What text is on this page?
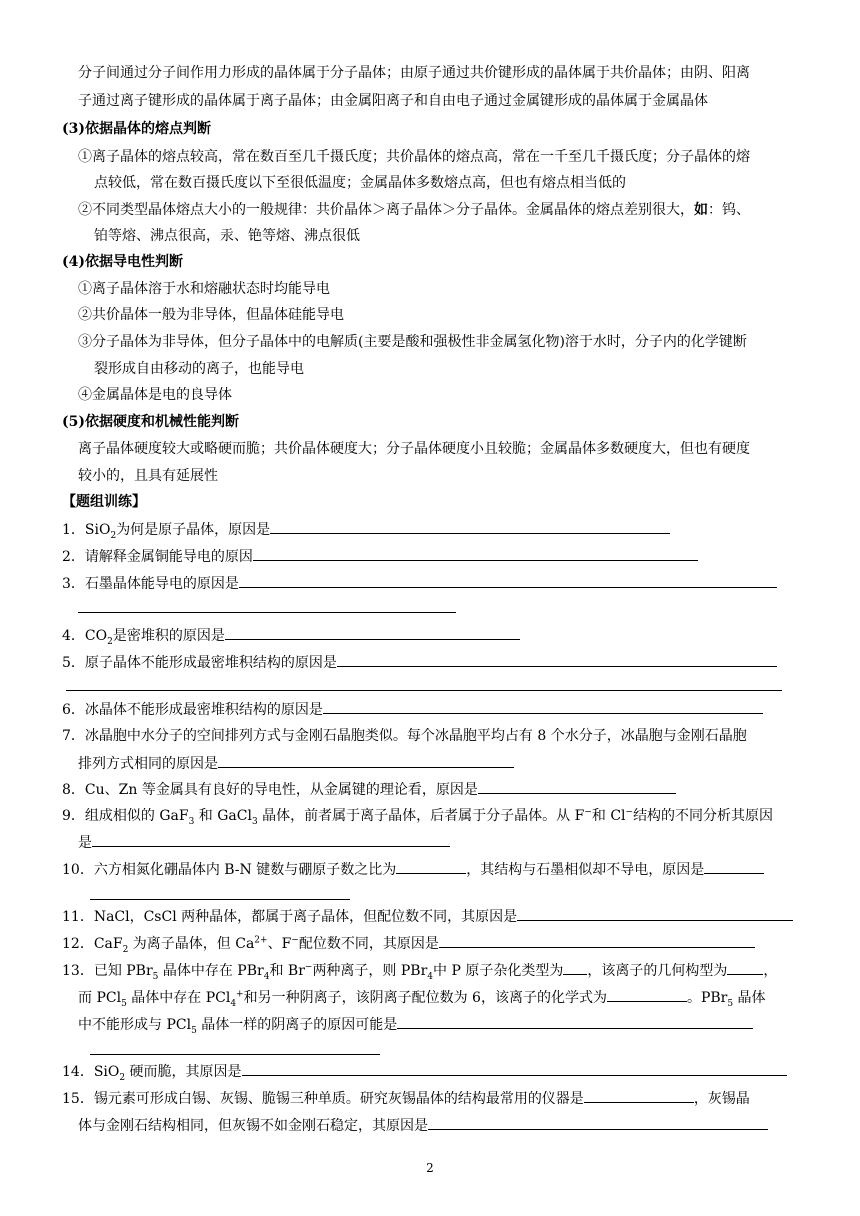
分子间通过分子间作用力形成的晶体属于分子晶体；由原子通过共价键形成的晶体属于共价晶体；由阴、阳离
子通过离子键形成的晶体属于离子晶体；由金属阳离子和自由电子通过金属键形成的晶体属于金属晶体
(3)依据晶体的熔点判断
①离子晶体的熔点较高，常在数百至几千摄氏度；共价晶体的熔点高，常在一千至几千摄氏度；分子晶体的熔
点较低，常在数百摄氏度以下至很低温度；金属晶体多数熔点高，但也有熔点相当低的
②不同类型晶体熔点大小的一般规律：共价晶体＞离子晶体＞分子晶体。金属晶体的熔点差别很大，如：钨、
铂等熔、沸点很高，汞、铯等熔、沸点很低
(4)依据导电性判断
①离子晶体溶于水和熔融状态时均能导电
②共价晶体一般为非导体，但晶体硅能导电
③分子晶体为非导体，但分子晶体中的电解质(主要是酸和强极性非金属氢化物)溶于水时，分子内的化学键断
裂形成自由移动的离子，也能导电
④金属晶体是电的良导体
(5)依据硬度和机械性能判断
离子晶体硬度较大或略硬而脆；共价晶体硬度大；分子晶体硬度小且较脆；金属晶体多数硬度大，但也有硬度
较小的，且具有延展性
【题组训练】
1．SiO$_2$为何是原子晶体，原因是
2．请解释金属铜能导电的原因
3．石墨晶体能导电的原因是
4．$CO_2$是密堆积的原因是
5．原子晶体不能形成最密堆积结构的原因是
6．冰晶体不能形成最密堆积结构的原因是
7．冰晶胞中水分子的空间排列方式与金刚石晶胞类似。每个冰晶胞平均占有 8 个水分子，冰晶胞与金刚石晶胞
排列方式相同的原因是
8．Cu、Zn 等金属具有良好的导电性，从金属键的理论看，原因是
9．组成相似的 GaF$_3$ 和 GaCl$_3$ 晶体，前者属于离子晶体，后者属于分子晶体。从 F−和 Cl−结构的不同分析其原因
是
10．六方相氮化硼晶体内 B-N 键数与硼原子数之比为	，其结构与石墨相似却不导电，原因是
11．NaCl，CsCl 两种晶体，都属于离子晶体，但配位数不同，其原因是
12．CaF$_2$ 为离子晶体，但 $Ca^{2+}$、F−配位数不同，其原因是
13．已知 PBr$_5$ 晶体中存在 PBr$_4$和 Br−两种离子，则 PBr$_4$中 P 原子杂化类型为 ，该离子的几何构型为	，
而 PCl$_5$ 晶体中存在 PCl$_4$+和另一种阴离子，该阴离子配位数为 6，该离子的化学式为	。PBr$_5$ 晶体
中不能形成与 PCl$_5$ 晶体一样的阴离子的原因可能是
14．SiO$_2$ 硬而脆，其原因是
15．锡元素可形成白锡、灰锡、脆锡三种单质。研究灰锡晶体的结构最常用的仪器是	，灰锡晶
体与金刚石结构相同，但灰锡不如金刚石稳定，其原因是
2
